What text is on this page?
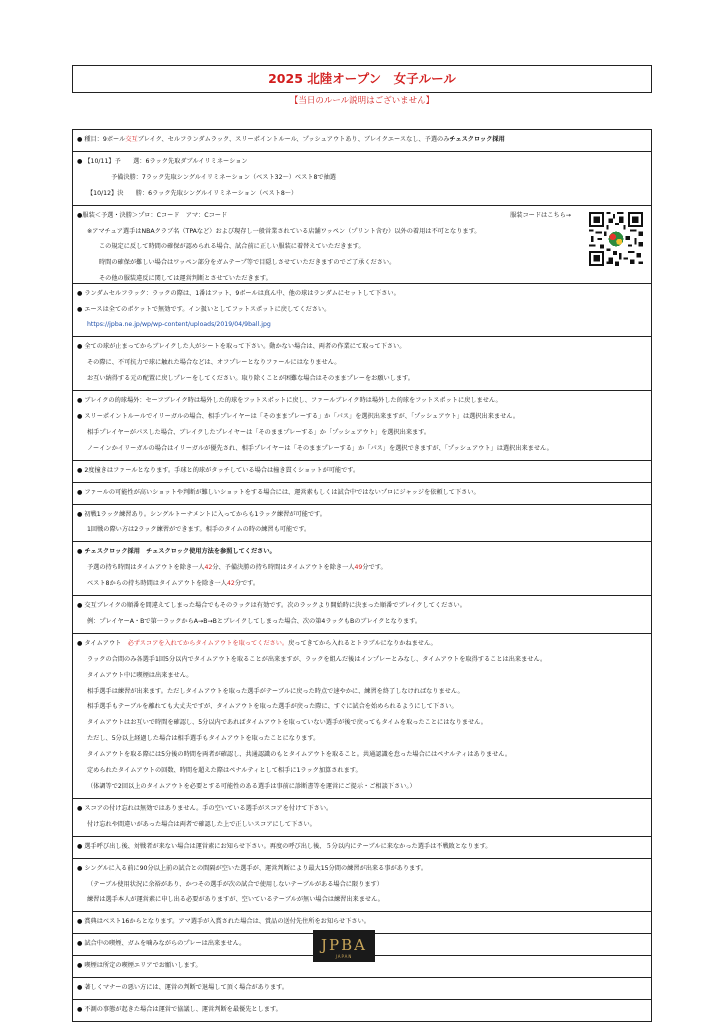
2025 北陸オープン　女子ルール
【当日のルール説明はございません】
● 種目：9ボール交互ブレイク、セルフランダムラック、スリーポイントルール、プッシュアウトあり、ブレイクエースなし、予選のみチェスクロック採用
● 【10/11】予　　選：6ラック先取ダブルイリミネーション
予備決勝：7ラック先取シングルイリミネーション（ベスト32～）ベスト8で抽選
【10/12】決　　勝：6ラック先取シングルイリミネーション（ベスト8～）
●服装＜予選・決勝＞プロ：Cコード　アマ：Cコード	服装コードはこちら→
※アマチュア選手はNBAクラブ名（TPAなど）および現存し一般営業されている店舗ワッペン（プリント含む）以外の着用は不可となります。
この規定に反して時間の確保が認められる場合、試合前に正しい服装に着替えていただきます。
時間の確保が難しい場合はワッペン部分をガムテープ等で目隠しさせていただきますのでご了承ください。
その他の服装違反に関しては運営判断とさせていただきます。
● ランダムセルフラック：ラックの際は、1番はフット、9ボールは真ん中、他の球はランダムにセットして下さい。
● エースは全てのポケットで無効です。イン扱いとしてフットスポットに戻してください。
https://jpba.ne.jp/wp/wp-content/uploads/2019/04/9ball.jpg
● 全ての球が止まってからブレイクした人がシートを取って下さい。動かない場合は、両者の作業にて取って下さい。
その際に、不可抗力で球に触れた場合などは、オフプレーとなりファールにはなりません。
お互い納得する元の配置に戻しプレーをしてください。取り除くことが困難な場合はそのままプレーをお願いします。
● ブレイクの的球場外：セーフブレイク時は場外した的球をフットスポットに戻し、ファールブレイク時は場外した的球をフットスポットに戻しません。
● スリーポイントルールでイリーガルの場合、相手プレイヤーは「そのままプレーする」か「パス」を選択出来ますが、「プッシュアウト」は選択出来ません。
相手プレイヤーがパスした場合、ブレイクしたプレイヤーは「そのままプレーする」か「プッシュアウト」を選択出来ます。
ノーインかイリーガルの場合はイリーガルが優先され、相手プレイヤーは「そのままプレーする」か「パス」を選択できますが、「プッシュアウト」は選択出来ません。
● 2度撞きはファールとなります。手球と的球がタッチしている場合は撞き貫くショットが可能です。
● ファールの可能性が高いショットや判断が難しいショットをする場合には、運営素もしくは試合中ではないプロにジャッジを依頼して下さい。
● 初戦1ラック練習あり。シングルトーナメントに入ってからも1ラック練習が可能です。
1回戦の際い方は2ラック練習ができます。相手のタイムの時の練習も可能です。
● チェスクロック採用　チェスクロック使用方法を参照してください。
予選の持ち時間はタイムアウトを除き一人42分、予備決勝の持ち時間はタイムアウトを除き一人49分です。
ベスト8からの持ち時間はタイムアウトを除き一人42分です。
● 交互ブレイクの順番を間違えてしまった場合でもそのラックは有効です。次のラックより開始時に決まった順番でブレイクしてください。
例：プレイヤーA・Bで第一ラックからA→B→Bとブレイクしてしまった場合、次の第4ラックもBのブレイクとなります。
● タイムアウト　必ずスコアを入れてからタイムアウトを取ってください。戻ってきてから入れるとトラブルになりかねません。
ラックの合間のみ各選手1回5分以内でタイムアウトを取ることが出来ますが、ラックを組んだ後はインプレーとみなし、タイムアウトを取得することは出来ません。
タイムアウト中に喫煙は出来ません。
相手選手は練習が出来ます。ただしタイムアウトを取った選手がテーブルに戻った時点で速やかに、練習を終了しなければなりません。
相手選手もテーブルを離れても大丈夫ですが、タイムアウトを取った選手が戻った際に、すぐに試合を始められるようにして下さい。
タイムアウトはお互いで時間を確認し、5分以内であればタイムアウトを取っていない選手が後で戻ってもタイムを取ったことにはなりません。
ただし、5分以上経過した場合は相手選手もタイムアウトを取ったことになります。
タイムアウトを取る際には5分後の時間を両者が確認し、共通認識のもとタイムアウトを取ること。共通認識を怠った場合にはペナルティはありません。
定められたタイムアウトの回数、時間を超えた際はペナルティとして相手に1ラック加算されます。
（体調等で2回以上のタイムアウトを必要とする可能性のある選手は事前に診断書等を運営にご提示・ご相談下さい。）
● スコアの付け忘れは無効ではありません。手の空いている選手がスコアを付けて下さい。
付け忘れや間違いがあった場合は両者で確認した上で正しいスコアにして下さい。
● 選手呼び出し後、対戦者が来ない場合は運営素にお知らせ下さい。再度の呼び出し後、５分以内にテーブルに来なかった選手は不戦敗となります。
● シングルに入る前に90分以上前の試合との間隔が空いた選手が、運営判断により最大15分間の練習が出来る事があります。
（テーブル使用状況に余裕があり、かつその選手が次の試合で使用しないテーブルがある場合に限ります）
練習は選手本人が運営素に申し出る必要がありますが、空いているテーブルが無い場合は練習出来ません。
● 賞典はベスト16からとなります。アマ選手が入賞された場合は、賞品の送付先住所をお知らせ下さい。
● 試合中の喫煙、ガムを噛みながらのプレーは出来ません。
● 喫煙は所定の喫煙エリアでお願いします。
● 著しくマナーの悪い方には、運営の判断で退場して頂く場合があります。
● 不測の事態が起きた場合は運営で協議し、運営判断を最優先とします。
JPBA
JAPAN
